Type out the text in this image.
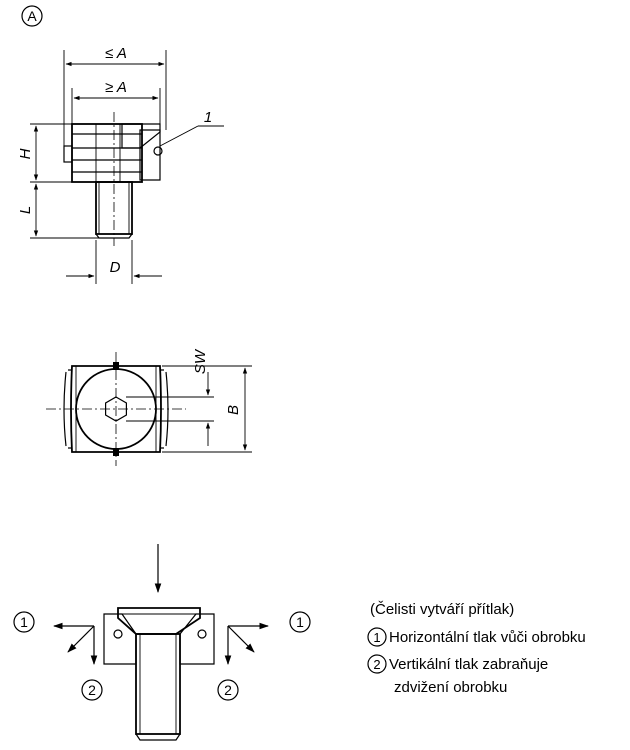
A
≤ A
≥ A
1
H
L
D
SW
B
1
2
1
2
(Čelisti vytváří přítlak)
1 Horizontální tlak vůči obrobku
2 Vertikální tlak zabraňuje
zdvižení obrobku
